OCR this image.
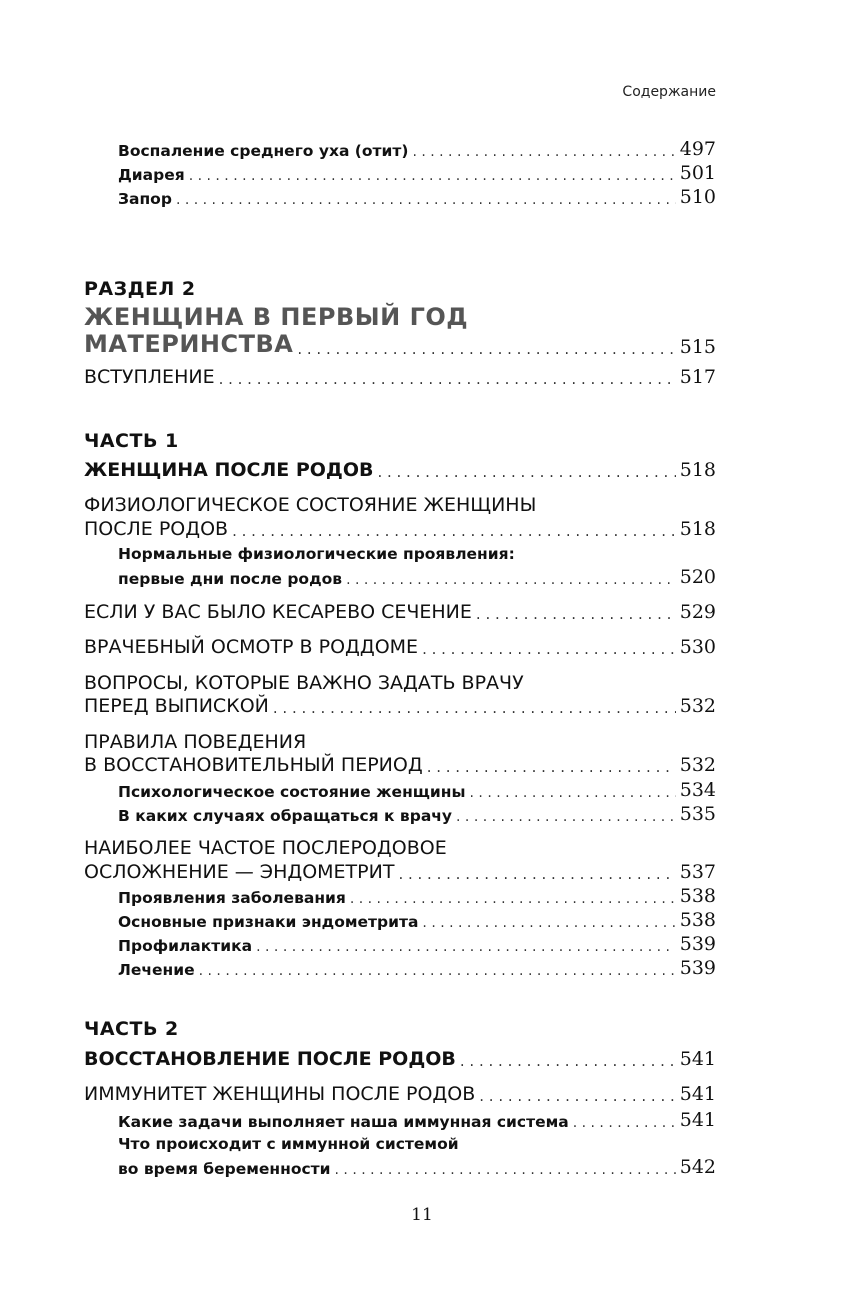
Содержание
Воспаление среднего уха (отит) . . .	497
Диарея . . .	501
Запор . . .	510
РАЗДЕЛ 2
ЖЕНЩИНА В ПЕРВЫЙ ГОД
МАТЕРИНСТВА . . .	515
ВСТУПЛЕНИЕ . . .	517
ЧАСТЬ 1
ЖЕНЩИНА ПОСЛЕ РОДОВ . . .	518
ФИЗИОЛОГИЧЕСКОЕ СОСТОЯНИЕ ЖЕНЩИНЫ
ПОСЛЕ РОДОВ . . .	518
Нормальные физиологические проявления:
первые дни после родов . . .	520
ЕСЛИ У ВАС БЫЛО КЕСАРЕВО СЕЧЕНИЕ . . .	529
ВРАЧЕБНЫЙ ОСМОТР В РОДДОМЕ . . .	530
ВОПРОСЫ, КОТОРЫЕ ВАЖНО ЗАДАТЬ ВРАЧУ
ПЕРЕД ВЫПИСКОЙ . . .	532
ПРАВИЛА ПОВЕДЕНИЯ
В ВОССТАНОВИТЕЛЬНЫЙ ПЕРИОД . . .	532
Психологическое состояние женщины . . .	534
В каких случаях обращаться к врачу . . .	535
НАИБОЛЕЕ ЧАСТОЕ ПОСЛЕРОДОВОЕ
ОСЛОЖНЕНИЕ — ЭНДОМЕТРИТ . . .	537
Проявления заболевания . . .	538
Основные признаки эндометрита . . .	538
Профилактика . . .	539
Лечение . . .	539
ЧАСТЬ 2
ВОССТАНОВЛЕНИЕ ПОСЛЕ РОДОВ . . .	541
ИММУНИТЕТ ЖЕНЩИНЫ ПОСЛЕ РОДОВ . . .	541
Какие задачи выполняет наша иммунная система . . .	541
Что происходит с иммунной системой
во время беременности . . .	542
11
